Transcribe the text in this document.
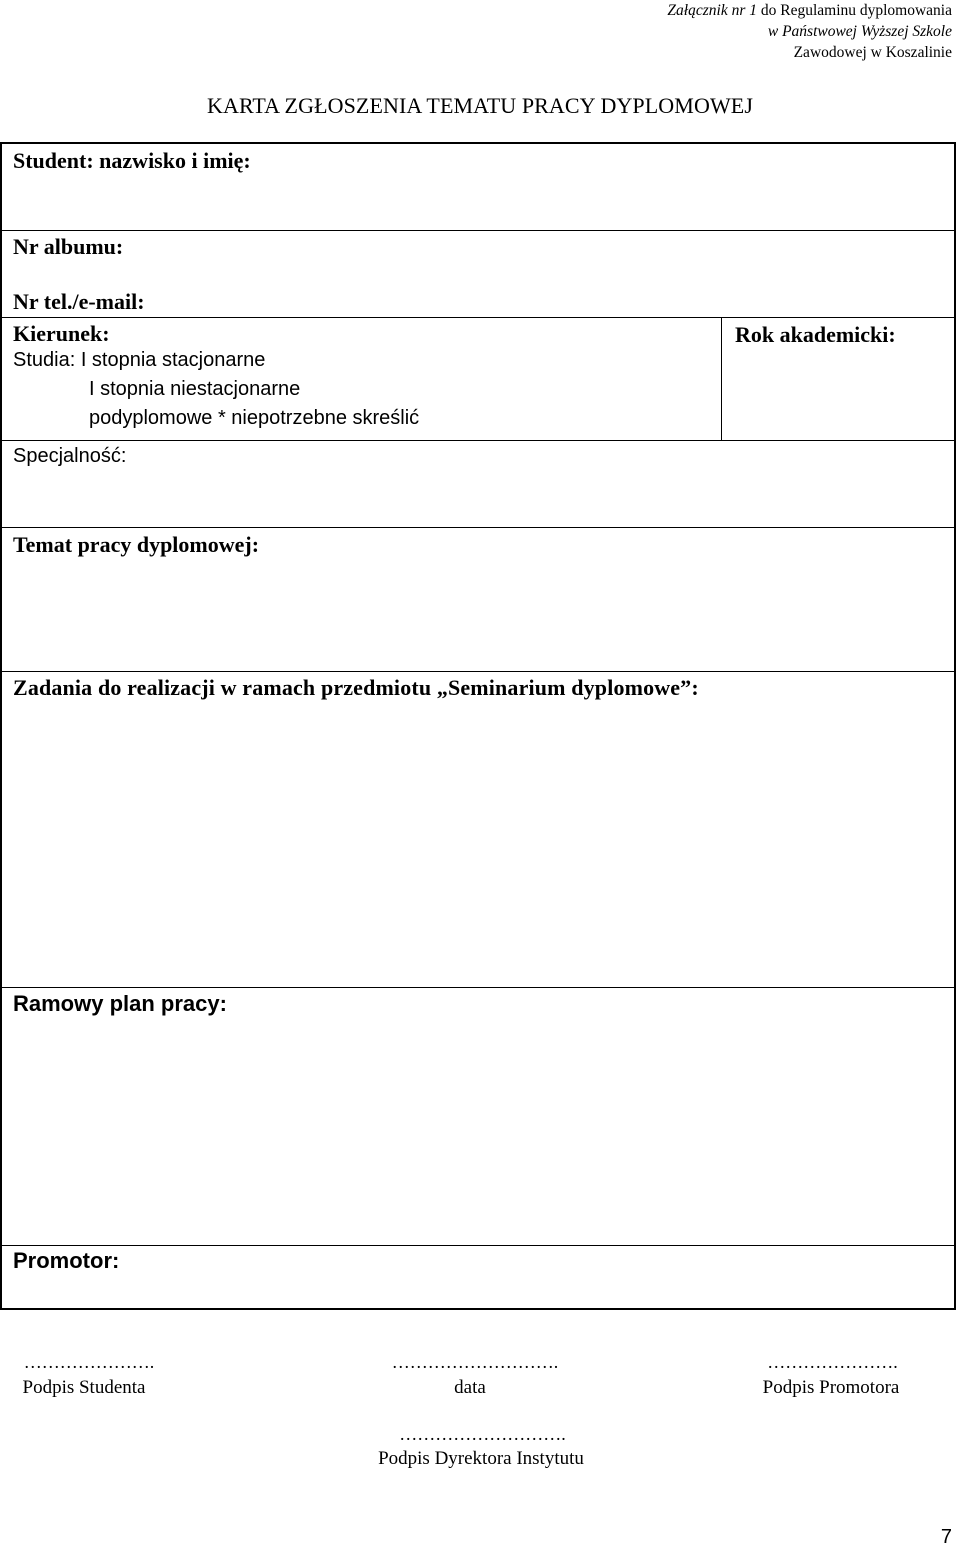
Załącznik nr 1 do Regulaminu dyplomowania
w Państwowej Wyższej Szkole
Zawodowej w Koszalinie
KARTA ZGŁOSZENIA TEMATU PRACY DYPLOMOWEJ
Student: nazwisko i imię:
Nr albumu:
Nr tel./e-mail:
Kierunek:
Studia: I stopnia stacjonarne
I stopnia niestacjonarne
podyplomowe * niepotrzebne skreślić
Rok akademicki:
Specjalność:
Temat pracy dyplomowej:
Zadania do realizacji w ramach przedmiotu „Seminarium dyplomowe”:
Ramowy plan pracy:
Promotor:
………………….
Podpis Studenta
……………………….
data
………………….
Podpis Promotora
……………………….
Podpis Dyrektora Instytutu
7
